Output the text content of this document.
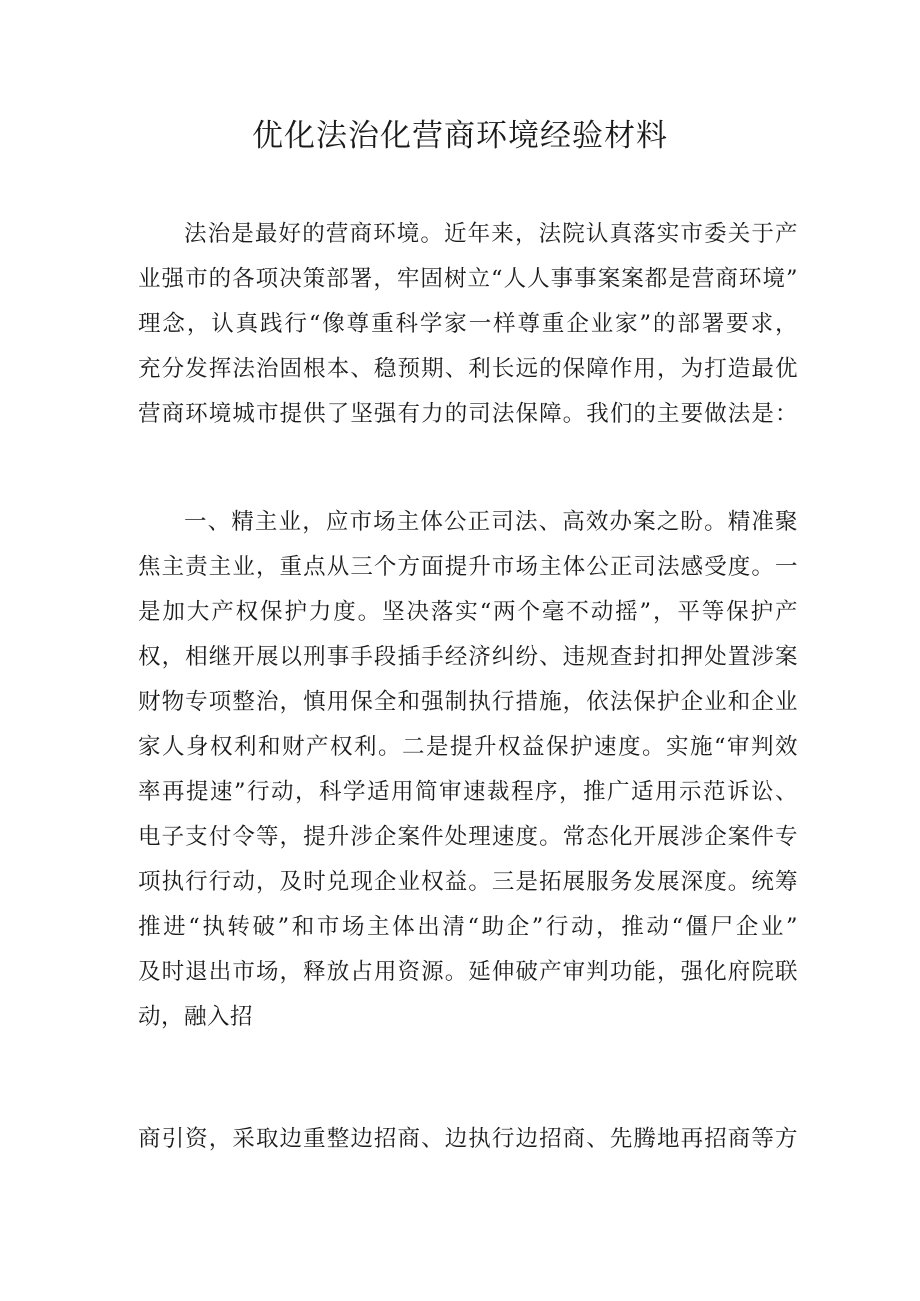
优化法治化营商环境经验材料
法治是最好的营商环境。近年来，法院认真落实市委关于产
业强市的各项决策部署，牢固树立“人人事事案案都是营商环境”
理念，认真践行“像尊重科学家一样尊重企业家”的部署要求，
充分发挥法治固根本、稳预期、利长远的保障作用，为打造最优
营商环境城市提供了坚强有力的司法保障。我们的主要做法是：
一、精主业，应市场主体公正司法、高效办案之盼。精准聚
焦主责主业，重点从三个方面提升市场主体公正司法感受度。一
是加大产权保护力度。坚决落实“两个毫不动摇”，平等保护产
权，相继开展以刑事手段插手经济纠纷、违规查封扣押处置涉案
财物专项整治，慎用保全和强制执行措施，依法保护企业和企业
家人身权利和财产权利。二是提升权益保护速度。实施“审判效
率再提速”行动，科学适用简审速裁程序，推广适用示范诉讼、
电子支付令等，提升涉企案件处理速度。常态化开展涉企案件专
项执行行动，及时兑现企业权益。三是拓展服务发展深度。统筹
推进“执转破”和市场主体出清“助企”行动，推动“僵尸企业”
及时退出市场，释放占用资源。延伸破产审判功能，强化府院联
动，融入招
商引资，采取边重整边招商、边执行边招商、先腾地再招商等方
